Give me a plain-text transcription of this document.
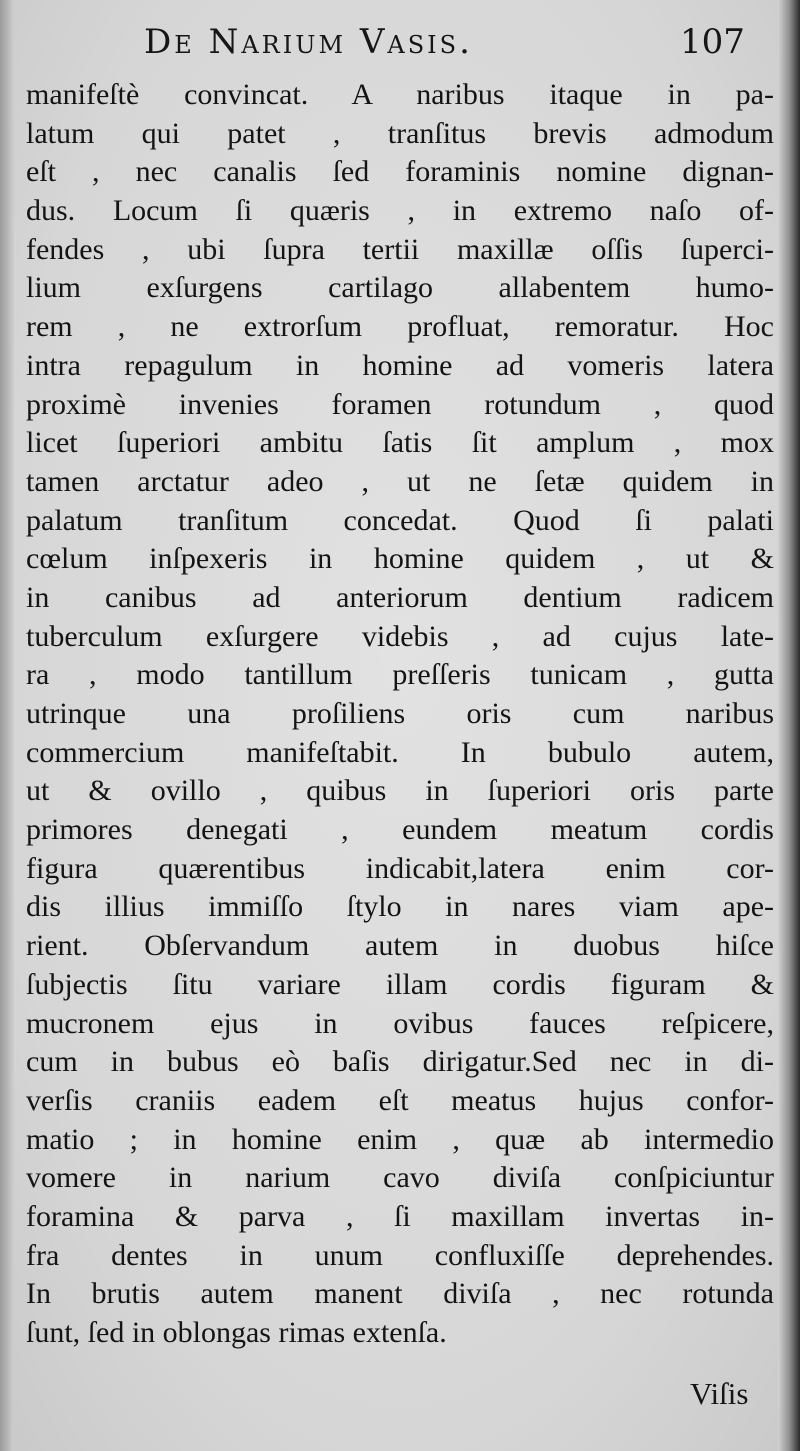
De Narium Vasis.	107
manifeſtè convincat. A naribus itaque in pa-
latum qui patet , tranſitus brevis admodum
eſt , nec canalis ſed foraminis nomine dignan-
dus. Locum ſi quæris , in extremo naſo of-
fendes , ubi ſupra tertii maxillæ oſſis ſuperci-
lium exſurgens cartilago allabentem humo-
rem , ne extrorſum profluat, remoratur. Hoc
intra repagulum in homine ad vomeris latera
proximè invenies foramen rotundum , quod
licet ſuperiori ambitu ſatis ſit amplum , mox
tamen arctatur adeo , ut ne ſetæ quidem in
palatum tranſitum concedat. Quod ſi palati
cœlum inſpexeris in homine quidem , ut &
in canibus ad anteriorum dentium radicem
tuberculum exſurgere videbis , ad cujus late-
ra , modo tantillum preſſeris tunicam , gutta
utrinque una proſiliens oris cum naribus
commercium manifeſtabit. In bubulo autem,
ut & ovillo , quibus in ſuperiori oris parte
primores denegati , eundem meatum cordis
figura quærentibus indicabit,latera enim cor-
dis illius immiſſo ſtylo in nares viam ape-
rient. Obſervandum autem in duobus hiſce
ſubjectis ſitu variare illam cordis figuram &
mucronem ejus in ovibus fauces reſpicere,
cum in bubus eò baſis dirigatur.Sed nec in di-
verſis craniis eadem eſt meatus hujus confor-
matio ; in homine enim , quæ ab intermedio
vomere in narium cavo diviſa conſpiciuntur
foramina & parva , ſi maxillam invertas in-
fra dentes in unum confluxiſſe deprehendes.
In brutis autem manent diviſa , nec rotunda
ſunt, ſed in oblongas rimas extenſa.
Viſis
